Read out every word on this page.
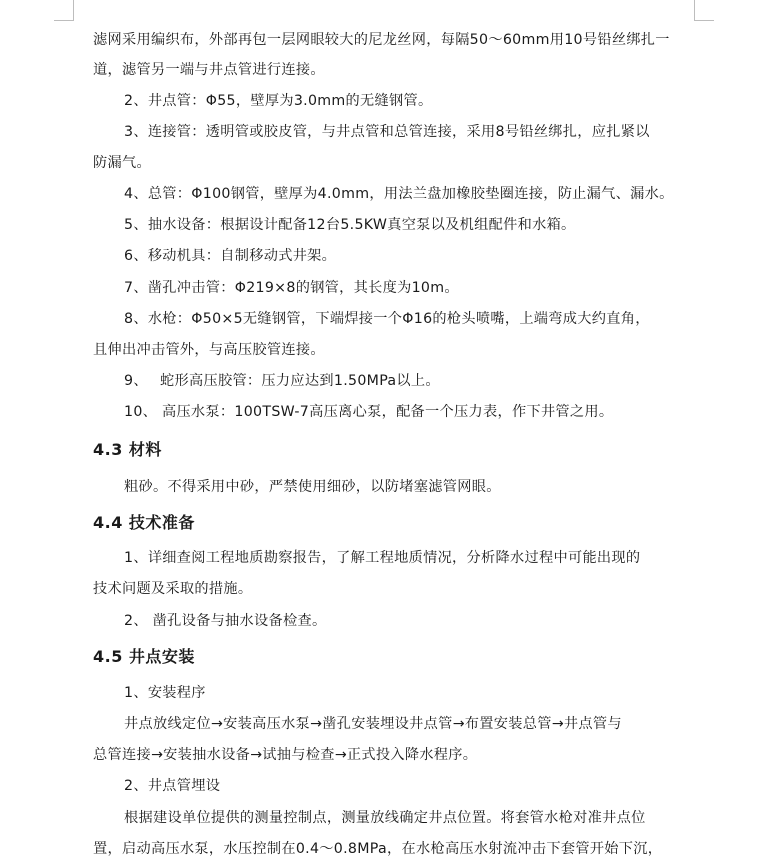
滤网采用编织布，外部再包一层网眼较大的尼龙丝网，每隔50～60mm用10号铅丝绑扎一
道，滤管另一端与井点管进行连接。
2、井点管：Φ55，壁厚为3.0mm的无缝钢管。
3、连接管：透明管或胶皮管，与井点管和总管连接，采用8号铅丝绑扎，应扎紧以
防漏气。
4、总管：Φ100钢管，壁厚为4.0mm，用法兰盘加橡胶垫圈连接，防止漏气、漏水。
5、抽水设备：根据设计配备12台5.5KW真空泵以及机组配件和水箱。
6、移动机具：自制移动式井架。
7、凿孔冲击管：Φ219×8的钢管，其长度为10m。
8、水枪：Φ50×5无缝钢管，下端焊接一个Φ16的枪头喷嘴，上端弯成大约直角，
且伸出冲击管外，与高压胶管连接。
9、　 蛇形高压胶管：压力应达到1.50MPa以上。
10、 高压水泵：100TSW-7高压离心泵，配备一个压力表，作下井管之用。
4.3 材料
粗砂。不得采用中砂，严禁使用细砂，以防堵塞滤管网眼。
4.4 技术准备
1、详细查阅工程地质勘察报告，了解工程地质情况，分析降水过程中可能出现的
技术问题及采取的措施。
2、 凿孔设备与抽水设备检查。
4.5 井点安装
1、安装程序
井点放线定位→安装高压水泵→凿孔安装埋设井点管→布置安装总管→井点管与
总管连接→安装抽水设备→试抽与检查→正式投入降水程序。
2、井点管埋设
根据建设单位提供的测量控制点，测量放线确定井点位置。将套管水枪对准井点位
置，启动高压水泵，水压控制在0.4～0.8MPa，在水枪高压水射流冲击下套管开始下沉，
